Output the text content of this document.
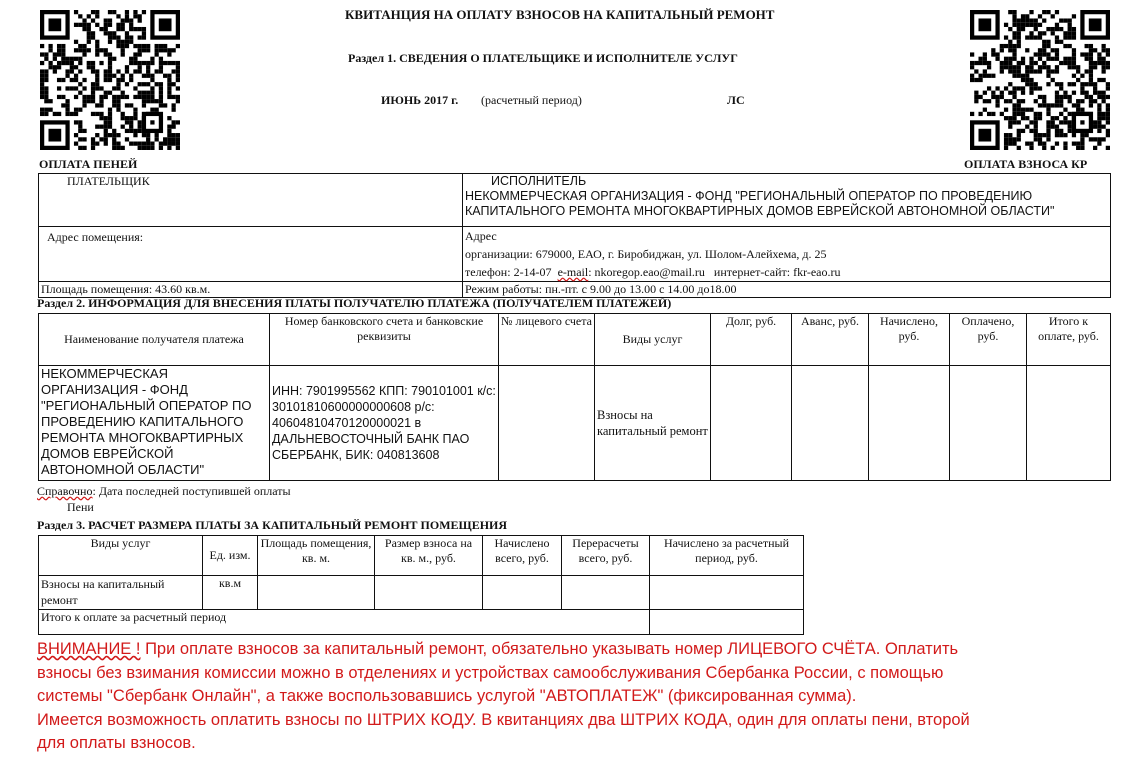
КВИТАНЦИЯ НА ОПЛАТУ ВЗНОСОВ НА КАПИТАЛЬНЫЙ РЕМОНТ
Раздел 1. СВЕДЕНИЯ О ПЛАТЕЛЬЩИКЕ И ИСПОЛНИТЕЛЕ УСЛУГ
ИЮНЬ 2017 г. (расчетный период)	ЛС
ОПЛАТА ПЕНЕЙ	ОПЛАТА ВЗНОСА КР
ПЛАТЕЛЬЩИК	ИСПОЛНИТЕЛЬ
НЕКОММЕРЧЕСКАЯ ОРГАНИЗАЦИЯ - ФОНД "РЕГИОНАЛЬНЫЙ ОПЕРАТОР ПО ПРОВЕДЕНИЮ КАПИТАЛЬНОГО РЕМОНТА МНОГОКВАРТИРНЫХ ДОМОВ ЕВРЕЙСКОЙ АВТОНОМНОЙ ОБЛАСТИ"

Адрес помещения:	Адрес
организации: 679000, ЕАО, г. Биробиджан, ул. Шолом-Алейхема, д. 25
телефон: 2-14-07 e-mail: nkoregop.eao@mail.ru интернет-сайт: fkr-eao.ru

Площадь помещения: 43.60 кв.м.	Режим работы: пн.-пт. с 9.00 до 13.00 с 14.00 до18.00
Раздел 2. ИНФОРМАЦИЯ ДЛЯ ВНЕСЕНИЯ ПЛАТЫ ПОЛУЧАТЕЛЮ ПЛАТЕЖА (ПОЛУЧАТЕЛЕМ ПЛАТЕЖЕЙ)
Наименование получателя платежа	Номер банковского счета и банковские реквизиты	№ лицевого счета	Виды услуг	Долг, руб.	Аванс, руб.	Начислено, руб.	Оплачено, руб.	Итого к оплате, руб.
НЕКОММЕРЧЕСКАЯ ОРГАНИЗАЦИЯ - ФОНД "РЕГИОНАЛЬНЫЙ ОПЕРАТОР ПО ПРОВЕДЕНИЮ КАПИТАЛЬНОГО РЕМОНТА МНОГОКВАРТИРНЫХ ДОМОВ ЕВРЕЙСКОЙ АВТОНОМНОЙ ОБЛАСТИ"	ИНН: 7901995562 КПП: 790101001 к/с: 30101810600000000608 р/с: 40604810470120000021 в ДАЛЬНЕВОСТОЧНЫЙ БАНК ПАО СБЕРБАНК, БИК: 040813608		Взносы на капитальный ремонт					
Справочно: Дата последней поступившей оплаты
Пени
Раздел 3. РАСЧЕТ РАЗМЕРА ПЛАТЫ ЗА КАПИТАЛЬНЫЙ РЕМОНТ ПОМЕЩЕНИЯ
Виды услуг	Ед. изм.	Площадь помещения, кв. м.	Размер взноса на кв. м., руб.	Начислено всего, руб.	Перерасчеты всего, руб.	Начислено за расчетный период, руб.
Взносы на капитальный ремонт	кв.м					
Итого к оплате за расчетный период						
ВНИМАНИЕ ! При оплате взносов за капитальный ремонт, обязательно указывать номер ЛИЦЕВОГО СЧЁТА. Оплатить
взносы без взимания комиссии можно в отделениях и устройствах самообслуживания Сбербанка России, с помощью
системы "Сбербанк Онлайн", а также воспользовавшись услугой "АВТОПЛАТЕЖ" (фиксированная сумма).
Имеется возможность оплатить взносы по ШТРИХ КОДУ. В квитанциях два ШТРИХ КОДА, один для оплаты пени, второй
для оплаты взносов.
